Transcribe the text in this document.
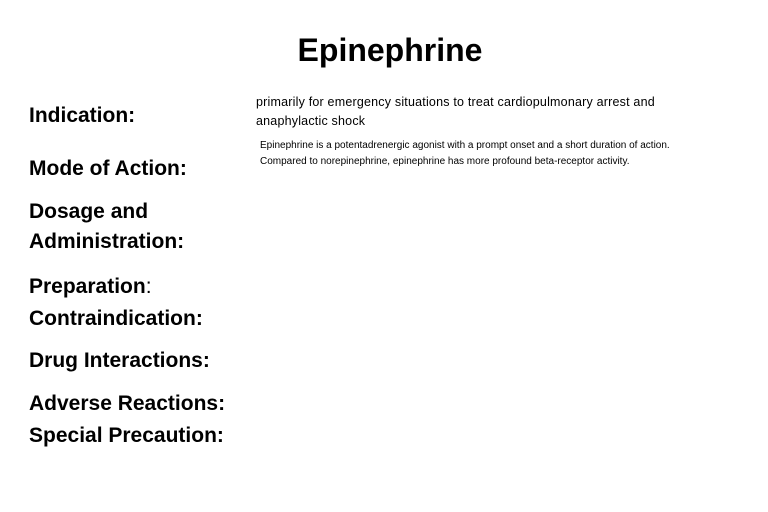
Epinephrine
Indication:
Mode of Action:
Dosage and
Administration:
Preparation:
Contraindication:
Drug Interactions:
Adverse Reactions:
Special Precaution:
primarily for emergency situations to treat cardiopulmonary arrest and anaphylactic shock
Epinephrine is a potentadrenergic agonist with a prompt onset and a short duration of action. Compared to norepinephrine, epinephrine has more profound beta-receptor activity.
